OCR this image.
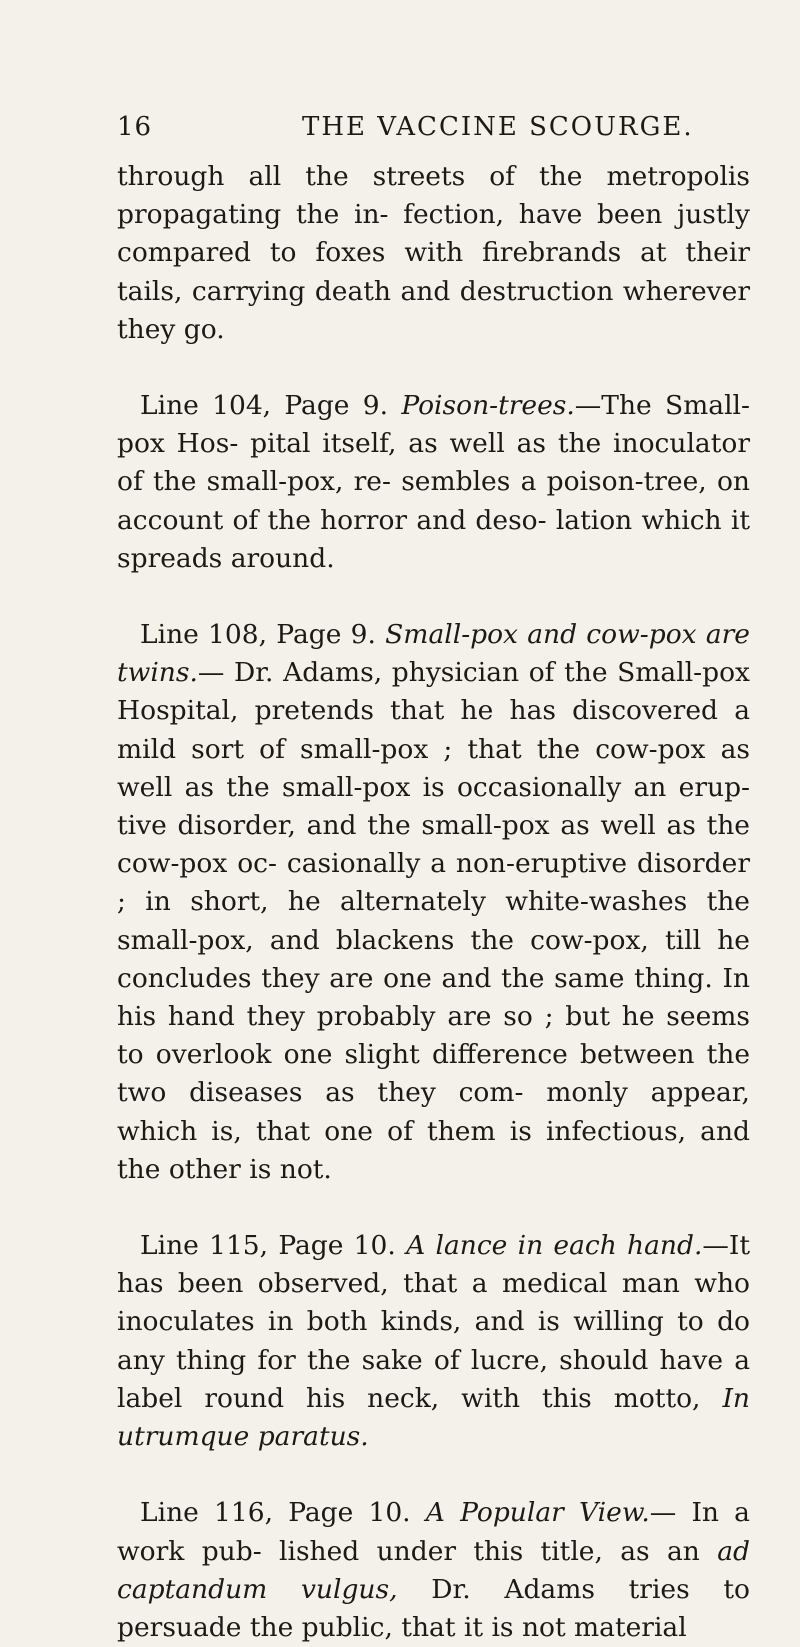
16	THE VACCINE SCOURGE.

through all the streets of the metropolis propagating the in- fection, have been justly compared to foxes with firebrands at their tails, carrying death and destruction wherever they go.

Line 104, Page 9. Poison-trees.—The Small-pox Hos- pital itself, as well as the inoculator of the small-pox, re- sembles a poison-tree, on account of the horror and deso- lation which it spreads around.

Line 108, Page 9. Small-pox and cow-pox are twins.— Dr. Adams, physician of the Small-pox Hospital, pretends that he has discovered a mild sort of small-pox ; that the cow-pox as well as the small-pox is occasionally an erup- tive disorder, and the small-pox as well as the cow-pox oc- casionally a non-eruptive disorder ; in short, he alternately white-washes the small-pox, and blackens the cow-pox, till he concludes they are one and the same thing. In his hand they probably are so ; but he seems to overlook one slight difference between the two diseases as they com- monly appear, which is, that one of them is infectious, and the other is not.

Line 115, Page 10. A lance in each hand.—It has been observed, that a medical man who inoculates in both kinds, and is willing to do any thing for the sake of lucre, should have a label round his neck, with this motto, In utrumque paratus.

Line 116, Page 10. A Popular View.— In a work pub- lished under this title, as an ad captandum vulgus, Dr. Adams tries to persuade the public, that it is not material
